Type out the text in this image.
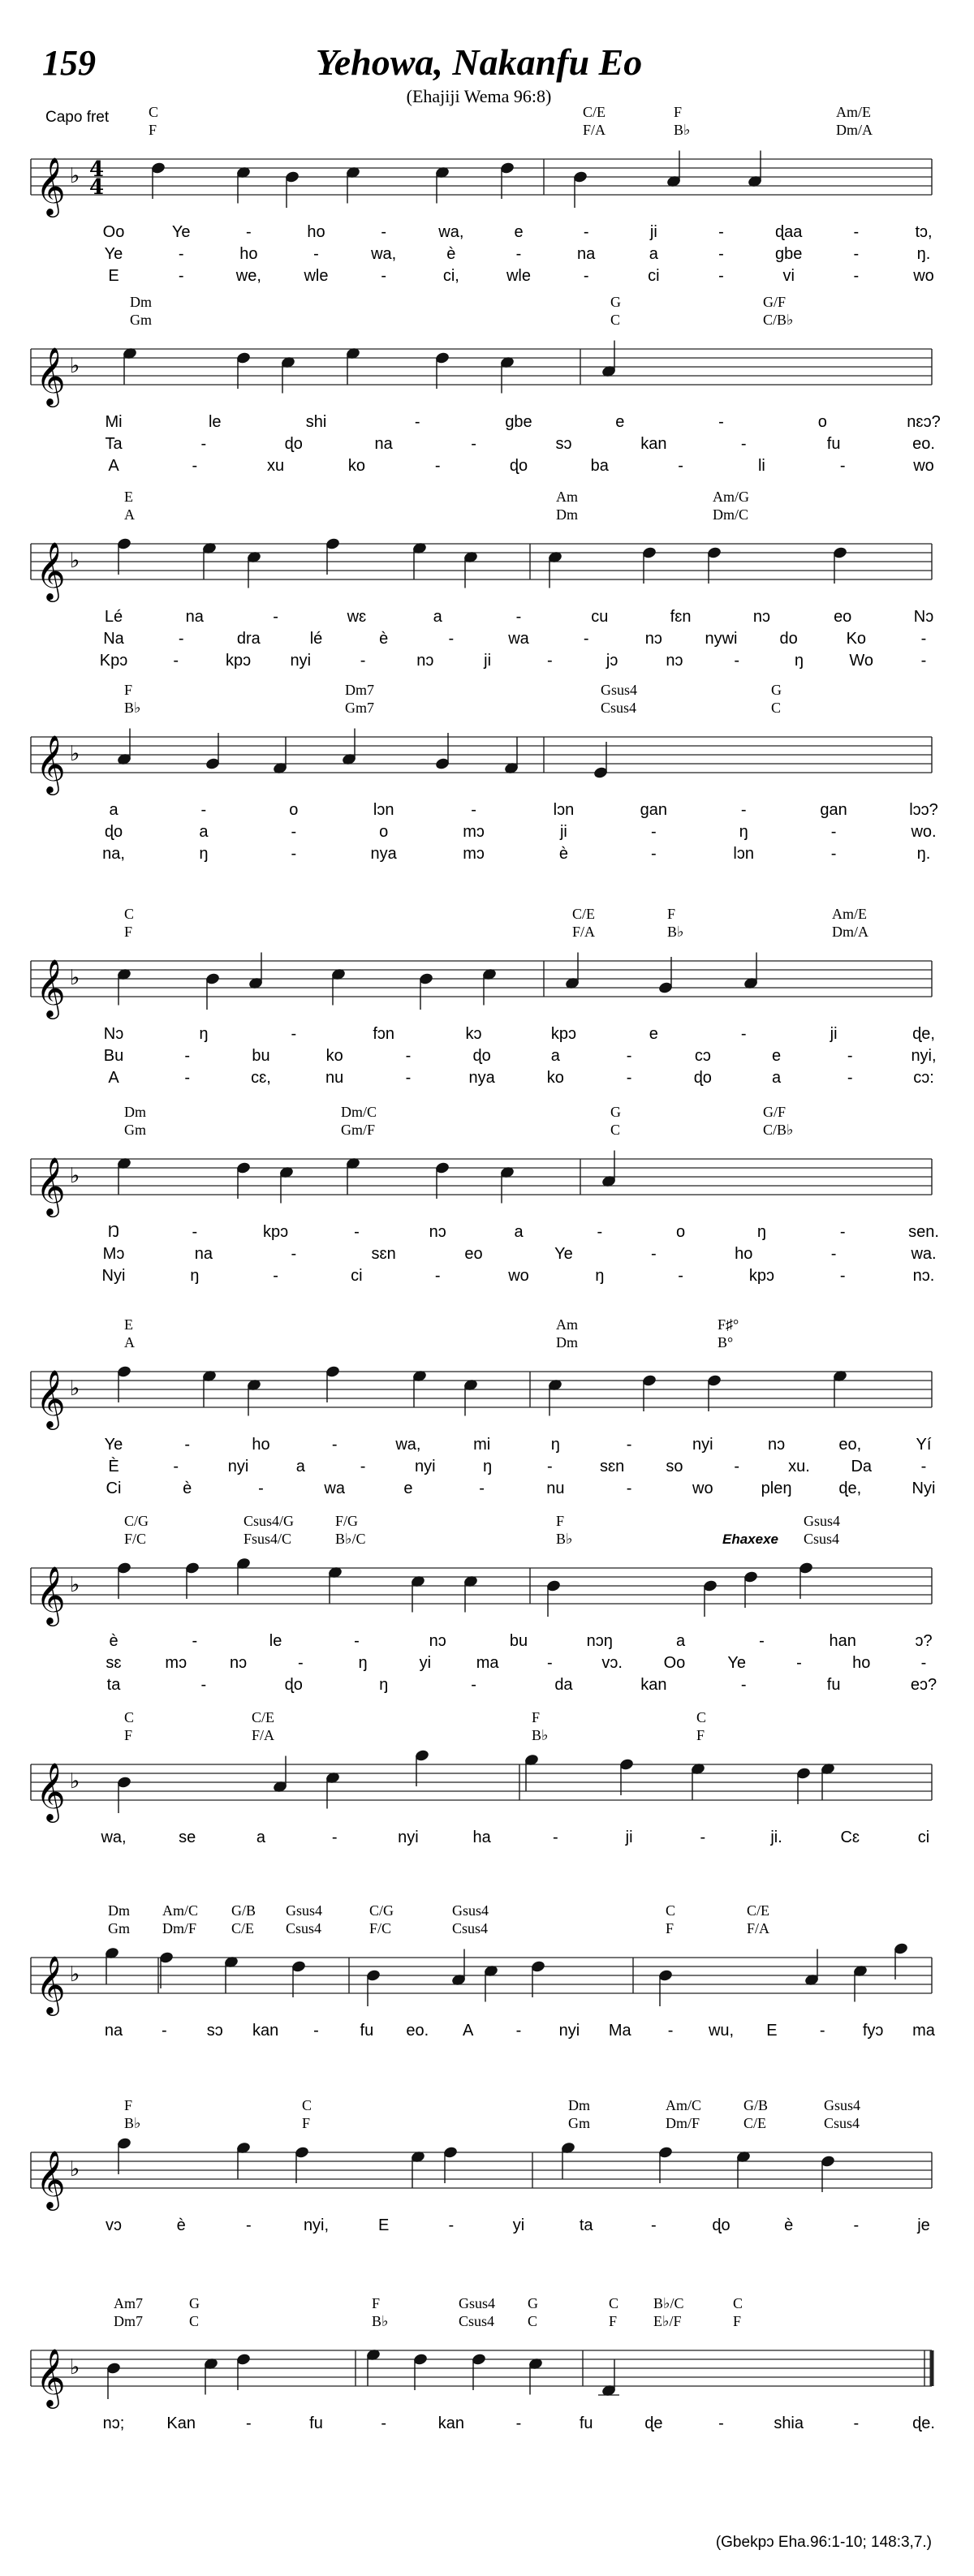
159	Yehowa, Nakanfu Eo
(Ehajiji Wema 96:8)
Capo fret
𝄞 ♭ 4
4
C
F
C/E
F/A
F
B♭
Am/E
Dm/A
Oo	Ye	-	ho	-	wa,	e	-	ji	-	ɖaa	-	tɔ,
Ye	-	ho	-	wa,	è	-	na	a	-	gbe	-	ŋ.
E	-	we,	wle	-	ci,	wle	-	ci	-	vi	-	wo
𝄞 ♭
Dm
Gm
G
C
G/F
C/B♭
Mi	le	shi	-	gbe	e	-	o	nɛɔ?
Ta	-	ɖo	na	-	sɔ	kan	-	fu	eo.
A	-	xu	ko	-	ɖo	ba	-	li	-	wo
𝄞 ♭
E
A
Am
Dm
Am/G
Dm/C
Lé	na	-	wɛ	a	-	cu	fɛn	nɔ	eo	Nɔ
Na	-	dra	lé	è	-	wa	-	nɔ	nywi	do	Ko	-
Kpɔ	-	kpɔ nyi	-	nɔ	ji	-	jɔ	nɔ	-	ŋ	Wo	-
𝄞 ♭
F
B♭
Dm7
Gm7
Gsus4
Csus4
G
C
a	-	o	lɔn	-	lɔn	gan	-	gan	lɔɔ?
ɖo	a	-	o	mɔ	ji	-	ŋ	-	wo.
na,	ŋ	-	nya	mɔ	è	-	lɔn	-	ŋ.
𝄞 ♭
C
F
C/E
F/A
F
B♭
Am/E
Dm/A
Nɔ	ŋ	-	fɔn	kɔ	kpɔ	e	-	ji	ɖe,
Bu	-	bu	ko	-	ɖo	a	-	cɔ	e	-	nyi,
A	-	cɛ,	nu	-	nya	ko	-	ɖo	a	-	cɔ:
𝄞 ♭
Dm
Gm
Dm/C
Gm/F
G
C
G/F
C/B♭
Ŋ	-	kpɔ	-	nɔ	a	-	o	ŋ	-	sen.
Mɔ	na	-	sɛn	eo	Ye	-	ho	-	wa.
Nyi	ŋ	-	ci	-	wo	ŋ	-	kpɔ	-	nɔ.
𝄞 ♭
E
A
Am
Dm
F♯°
B°
Ye	-	ho	-	wa,	mi	ŋ	-	nyi	nɔ	eo,	Yí
È	-	nyi	a	-	nyi	ŋ	-	sɛn	so	-	xu.	Da	-
Ci	è	-	wa	e	-	nu	-	wo	pleŋ	ɖe,	Nyi
𝄞 ♭
C/G
F/C
Csus4/G
Fsus4/C
F/G
B♭/C
F
B♭
Gsus4
Csus4
Ehaxexe
è	-	le	-	nɔ	bu	nɔŋ	a	-	han	ɔ?
sɛ	mɔ	nɔ	-	ŋ	yi	ma	-	vɔ.	Oo	Ye	-	ho	-
ta	-	ɖo	ŋ	-	da	kan	-	fu	eɔ?
𝄞 ♭
C
F
C/E
F/A
F
B♭
C
F
wa,	se	a	-	nyi	ha	-	ji	-	ji.	Cɛ	ci
𝄞 ♭
Dm
Gm
Am/C
Dm/F
G/B
C/E
Gsus4
Csus4
C/G
F/C
Gsus4
Csus4
C
F
C/E
F/A
na - sɔ kan -	fu eo. A	- nyi Ma - wu, E	- fyɔ ma
𝄞 ♭
F
B♭
C
F
Dm
Gm
Am/C
Dm/F
G/B
C/E
Gsus4
Csus4
vɔ	è	-	nyi,	E	-	yi	ta	-	ɖo	è	-	je
𝄞 ♭
Am7
Dm7
G
C
F
B♭
Gsus4
Csus4
G
C
C
F
B♭/C
E♭/F
C
F
nɔ;	Kan	-	fu	-	kan	-	fu	ɖe	-	shia	-	ɖe.
(Gbekpɔ Eha.96:1-10; 148:3,7.)
